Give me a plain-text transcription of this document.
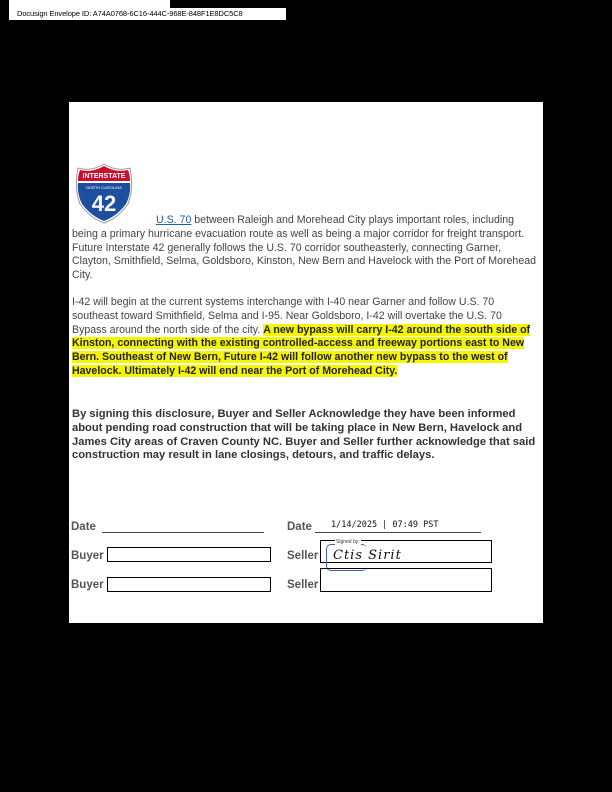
Docusign Envelope ID: A74A0768-6C16-444C-968E-848F1E8DC5C8
INTERSTATE
NORTH CAROLINA
42
U.S. 70 between Raleigh and Morehead City plays important roles, including being a primary hurricane evacuation route as well as being a major corridor for freight transport. Future Interstate 42 generally follows the U.S. 70 corridor southeasterly, connecting Garner, Clayton, Smithfield, Selma, Goldsboro, Kinston, New Bern and Havelock with the Port of Morehead City.
I-42 will begin at the current systems interchange with I-40 near Garner and follow U.S. 70 southeast toward Smithfield, Selma and I-95. Near Goldsboro, I-42 will overtake the U.S. 70 Bypass around the north side of the city. A new bypass will carry I-42 around the south side of Kinston, connecting with the existing controlled-access and freeway portions east to New Bern. Southeast of New Bern, Future I-42 will follow another new bypass to the west of Havelock. Ultimately I-42 will end near the Port of Morehead City.
By signing this disclosure, Buyer and Seller Acknowledge they have been informed about pending road construction that will be taking place in New Bern, Havelock and James City areas of Craven County NC. Buyer and Seller further acknowledge that said construction may result in lane closings, detours, and traffic delays.
Date
Buyer
Buyer
Date 1/14/2025 | 07:49 PST
Seller
Signed by:
Ctis Sirit
Seller
